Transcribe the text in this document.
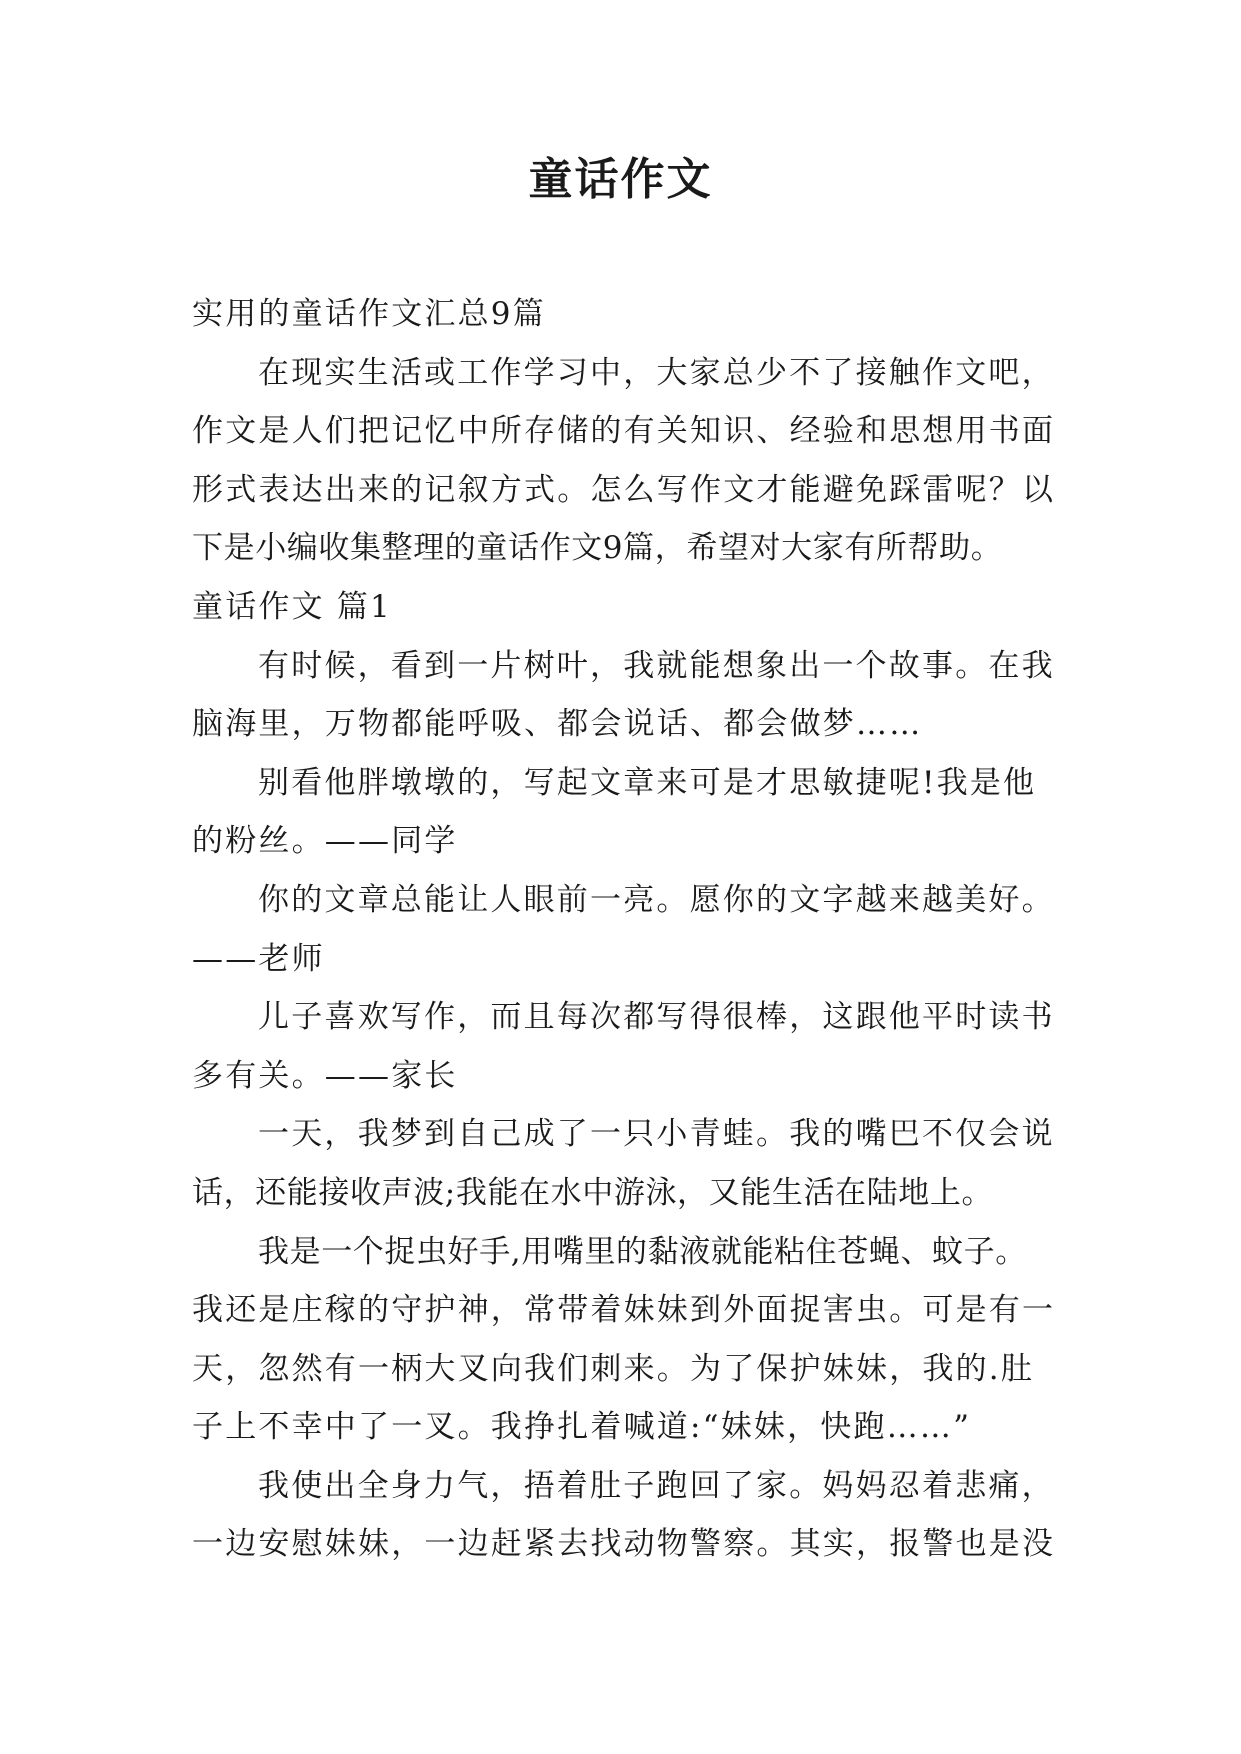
童话作文
实用的童话作文汇总9篇
在现实生活或工作学习中，大家总少不了接触作文吧，
作文是人们把记忆中所存储的有关知识、经验和思想用书面
形式表达出来的记叙方式。怎么写作文才能避免踩雷呢？以
下是小编收集整理的童话作文9篇，希望对大家有所帮助。
童话作文 篇1
有时候，看到一片树叶，我就能想象出一个故事。在我
脑海里，万物都能呼吸、都会说话、都会做梦……
别看他胖墩墩的，写起文章来可是才思敏捷呢!我是他
的粉丝。——同学
你的文章总能让人眼前一亮。愿你的文字越来越美好。
——老师
儿子喜欢写作，而且每次都写得很棒，这跟他平时读书
多有关。——家长
一天，我梦到自己成了一只小青蛙。我的嘴巴不仅会说
话，还能接收声波;我能在水中游泳，又能生活在陆地上。
我是一个捉虫好手,用嘴里的黏液就能粘住苍蝇、蚊子。
我还是庄稼的守护神，常带着妹妹到外面捉害虫。可是有一
天，忽然有一柄大叉向我们刺来。为了保护妹妹，我的.肚
子上不幸中了一叉。我挣扎着喊道:“妹妹，快跑……”
我使出全身力气，捂着肚子跑回了家。妈妈忍着悲痛，
一边安慰妹妹，一边赶紧去找动物警察。其实，报警也是没
